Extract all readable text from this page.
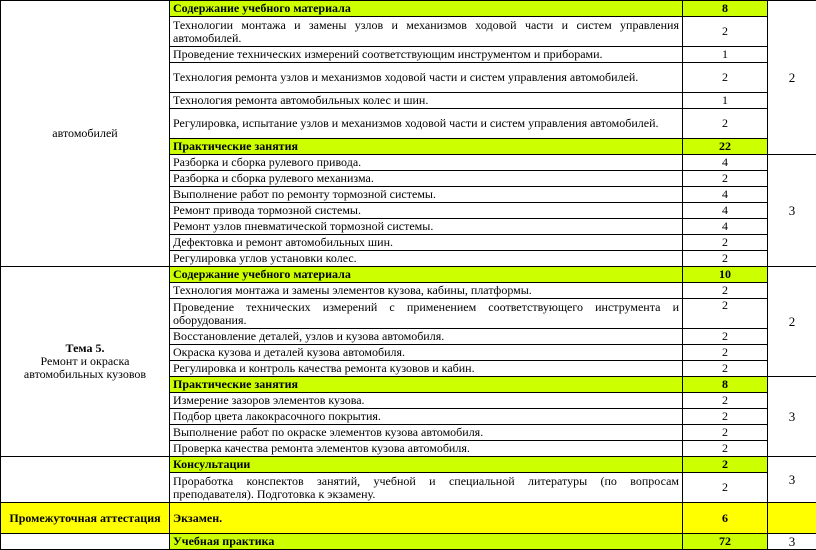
автомобилей	Содержание учебного материала	8	2
	Технологии монтажа и замены узлов и механизмов ходовой части и систем управления автомобилей.	2	
	Проведение технических измерений соответствующим инструментом и приборами.	1	
	Технология ремонта узлов и механизмов ходовой части и систем управления автомобилей.	2	
	Технология ремонта автомобильных колес и шин.	1	
	Регулировка, испытание узлов и механизмов ходовой части и систем управления автомобилей.	2	
	Практические занятия	22	
	Разборка и сборка рулевого привода.	4	3
	Разборка и сборка рулевого механизма.	2	
	Выполнение работ по ремонту тормозной системы.	4	
	Ремонт привода тормозной системы.	4	
	Ремонт узлов пневматической тормозной системы.	4	
	Дефектовка и ремонт автомобильных шин.	2	
	Регулировка углов установки колес.	2	

Тема 5.
Ремонт и окраска автомобильных кузовов	Содержание учебного материала	10	2
	Технология монтажа и замены элементов кузова, кабины, платформы.	2	
	Проведение технических измерений с применением соответствующего инструмента и оборудования.	2	
	Восстановление деталей, узлов и кузова автомобиля.	2	
	Окраска кузова и деталей кузова автомобиля.	2	
	Регулировка и контроль качества ремонта кузовов и кабин.	2	
	Практические занятия	8	3
	Измерение зазоров элементов кузова.	2	
	Подбор цвета лакокрасочного покрытия.	2	
	Выполнение работ по окраске элементов кузова автомобиля.	2	
	Проверка качества ремонта элементов кузова автомобиля.	2	
	Консультации	2	3
	Проработка конспектов занятий, учебной и специальной литературы (по вопросам преподавателя). Подготовка к экзамену.	2	
Промежуточная аттестация	Экзамен.	6	
	Учебная практика	72	3
